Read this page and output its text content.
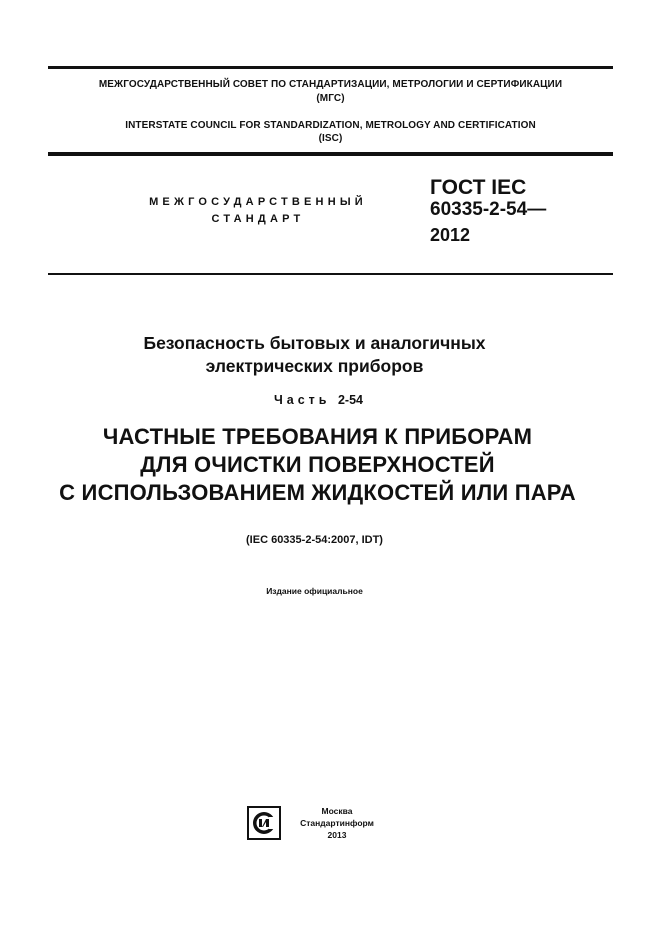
МЕЖГОСУДАРСТВЕННЫЙ СОВЕТ ПО СТАНДАРТИЗАЦИИ, МЕТРОЛОГИИ И СЕРТИФИКАЦИИ
(МГС)
INTERSTATE COUNCIL FOR STANDARDIZATION, METROLOGY AND CERTIFICATION
(ISC)
МЕЖГОСУДАРСТВЕННЫЙ
СТАНДАРТ
ГОСТ IEC
60335-2-54—
2012
Безопасность бытовых и аналогичных
электрических приборов
Часть 2-54
ЧАСТНЫЕ ТРЕБОВАНИЯ К ПРИБОРАМ
ДЛЯ ОЧИСТКИ ПОВЕРХНОСТЕЙ
С ИСПОЛЬЗОВАНИЕМ ЖИДКОСТЕЙ ИЛИ ПАРА
(IEC 60335-2-54:2007, IDT)
Издание официальное
Москва
Стандартинформ
2013
